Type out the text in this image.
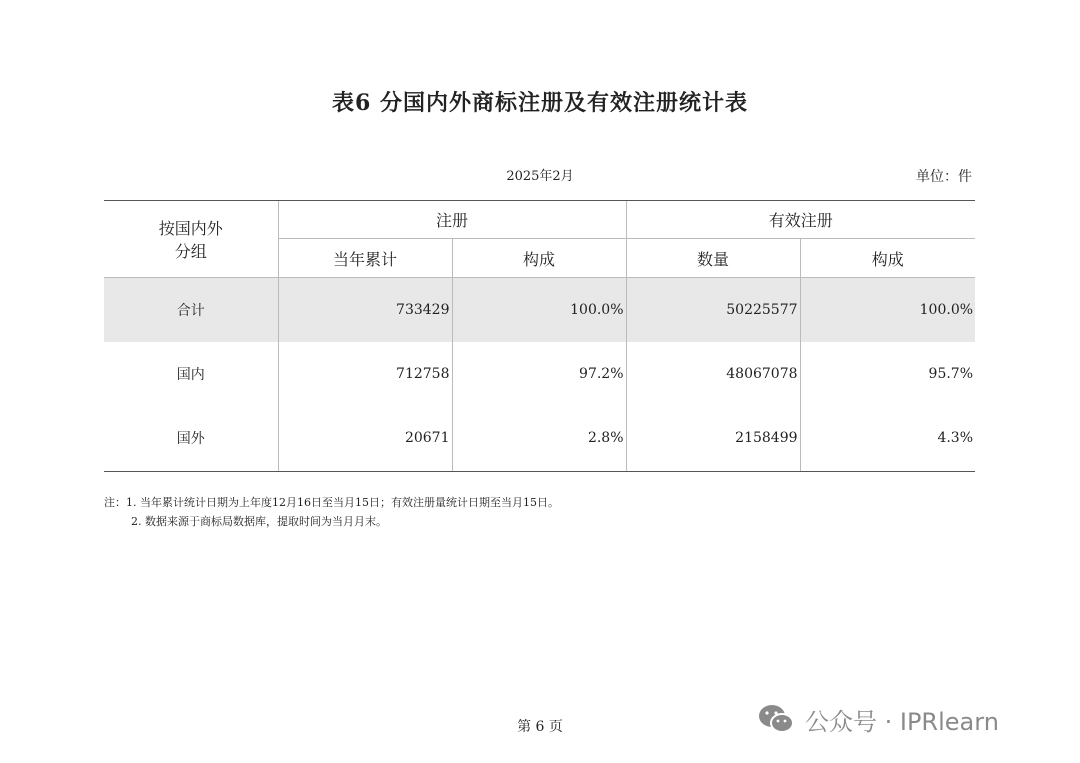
表6 分国内外商标注册及有效注册统计表
2025年2月	单位：件
按国内外
分组	注册		有效注册	
	当年累计	构成	数量	构成
合计	733429	100.0%	50225577	100.0%
国内	712758	97.2%	48067078	95.7%
国外	20671	2.8%	2158499	4.3%
注：1. 当年累计统计日期为上年度12月16日至当月15日；有效注册量统计日期至当月15日。
2. 数据来源于商标局数据库，提取时间为当月月末。
第 6 页	公众号 · IPRlearn
